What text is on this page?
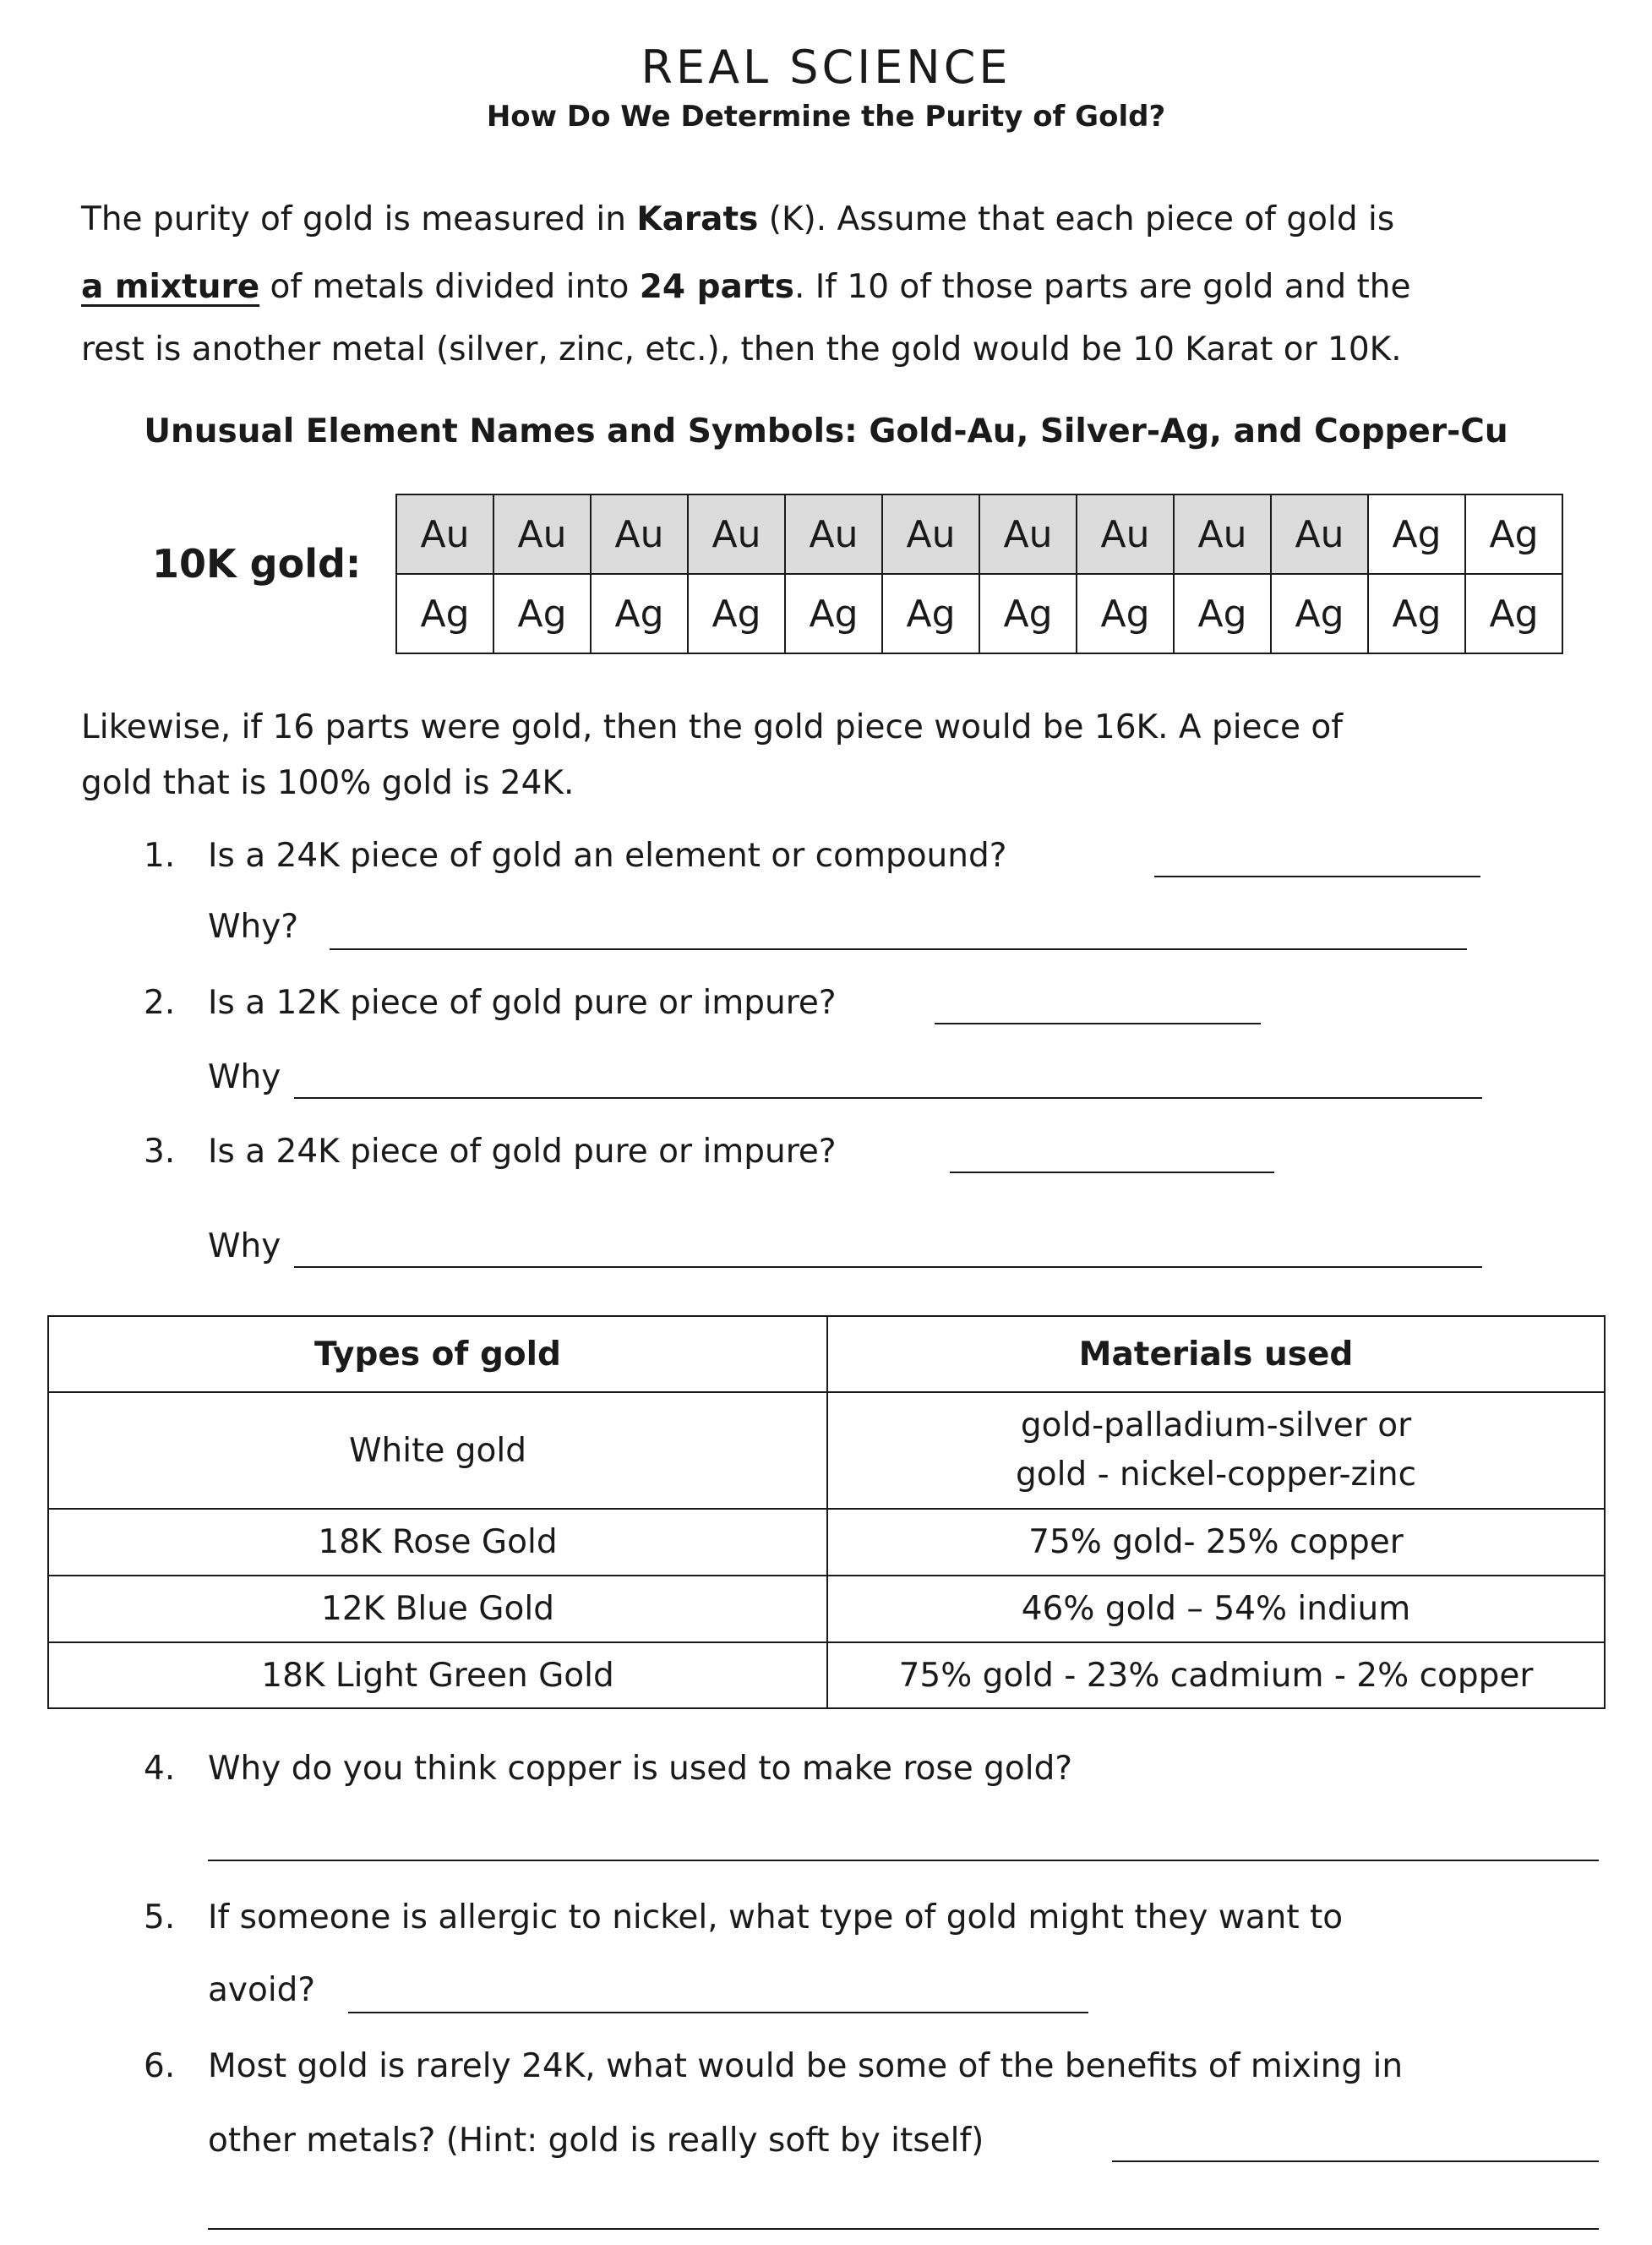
REAL SCIENCE
How Do We Determine the Purity of Gold?
The purity of gold is measured in Karats (K). Assume that each piece of gold is
a mixture of metals divided into 24 parts. If 10 of those parts are gold and the
rest is another metal (silver, zinc, etc.), then the gold would be 10 Karat or 10K.
Unusual Element Names and Symbols: Gold-Au, Silver-Ag, and Copper-Cu
10K gold:
Au	Au	Au	Au	Au	Au	Au	Au	Au	Au	Ag	Ag
Ag	Ag	Ag	Ag	Ag	Ag	Ag	Ag	Ag	Ag	Ag	Ag
Likewise, if 16 parts were gold, then the gold piece would be 16K. A piece of
gold that is 100% gold is 24K.
1. Is a 24K piece of gold an element or compound?
Why?
2. Is a 12K piece of gold pure or impure?
Why
3. Is a 24K piece of gold pure or impure?
Why
Types of gold	Materials used
White gold	gold-palladium-silver or
gold - nickel-copper-zinc

18K Rose Gold	75% gold- 25% copper
12K Blue Gold	46% gold – 54% indium
18K Light Green Gold	75% gold - 23% cadmium - 2% copper
4. Why do you think copper is used to make rose gold?
5. If someone is allergic to nickel, what type of gold might they want to
avoid?
6. Most gold is rarely 24K, what would be some of the benefits of mixing in
other metals? (Hint: gold is really soft by itself)
